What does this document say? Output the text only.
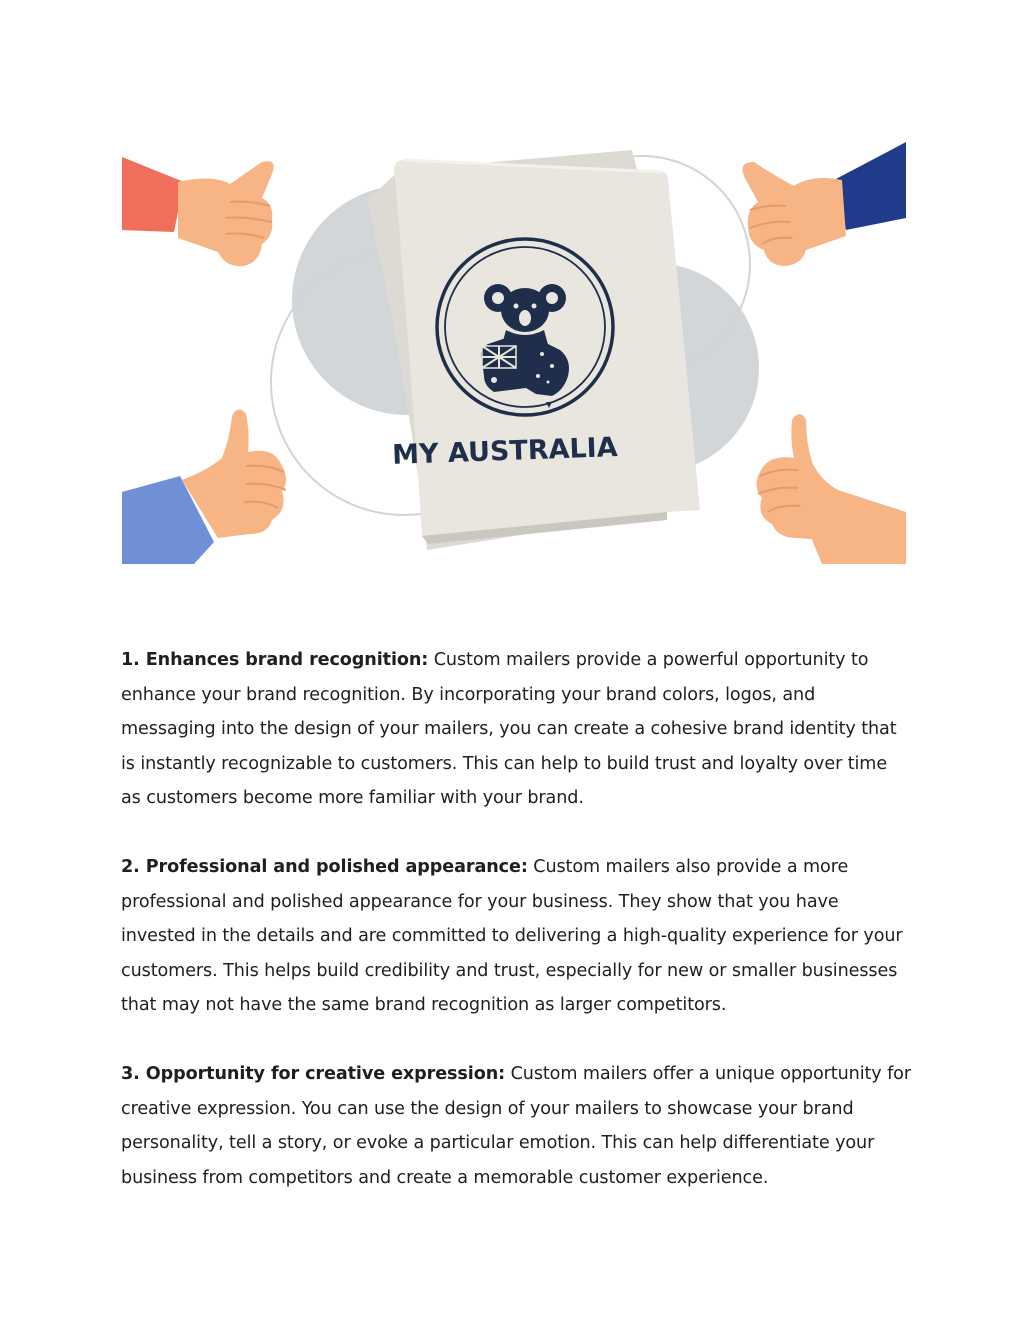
MY AUSTRALIA

1. Enhances brand recognition: Custom mailers provide a powerful opportunity to enhance your brand recognition. By incorporating your brand colors, logos, and messaging into the design of your mailers, you can create a cohesive brand identity that is instantly recognizable to customers. This can help to build trust and loyalty over time as customers become more familiar with your brand.

2. Professional and polished appearance: Custom mailers also provide a more professional and polished appearance for your business. They show that you have invested in the details and are committed to delivering a high-quality experience for your customers. This helps build credibility and trust, especially for new or smaller businesses that may not have the same brand recognition as larger competitors.

3. Opportunity for creative expression: Custom mailers offer a unique opportunity for creative expression. You can use the design of your mailers to showcase your brand personality, tell a story, or evoke a particular emotion. This can help differentiate your business from competitors and create a memorable customer experience.
